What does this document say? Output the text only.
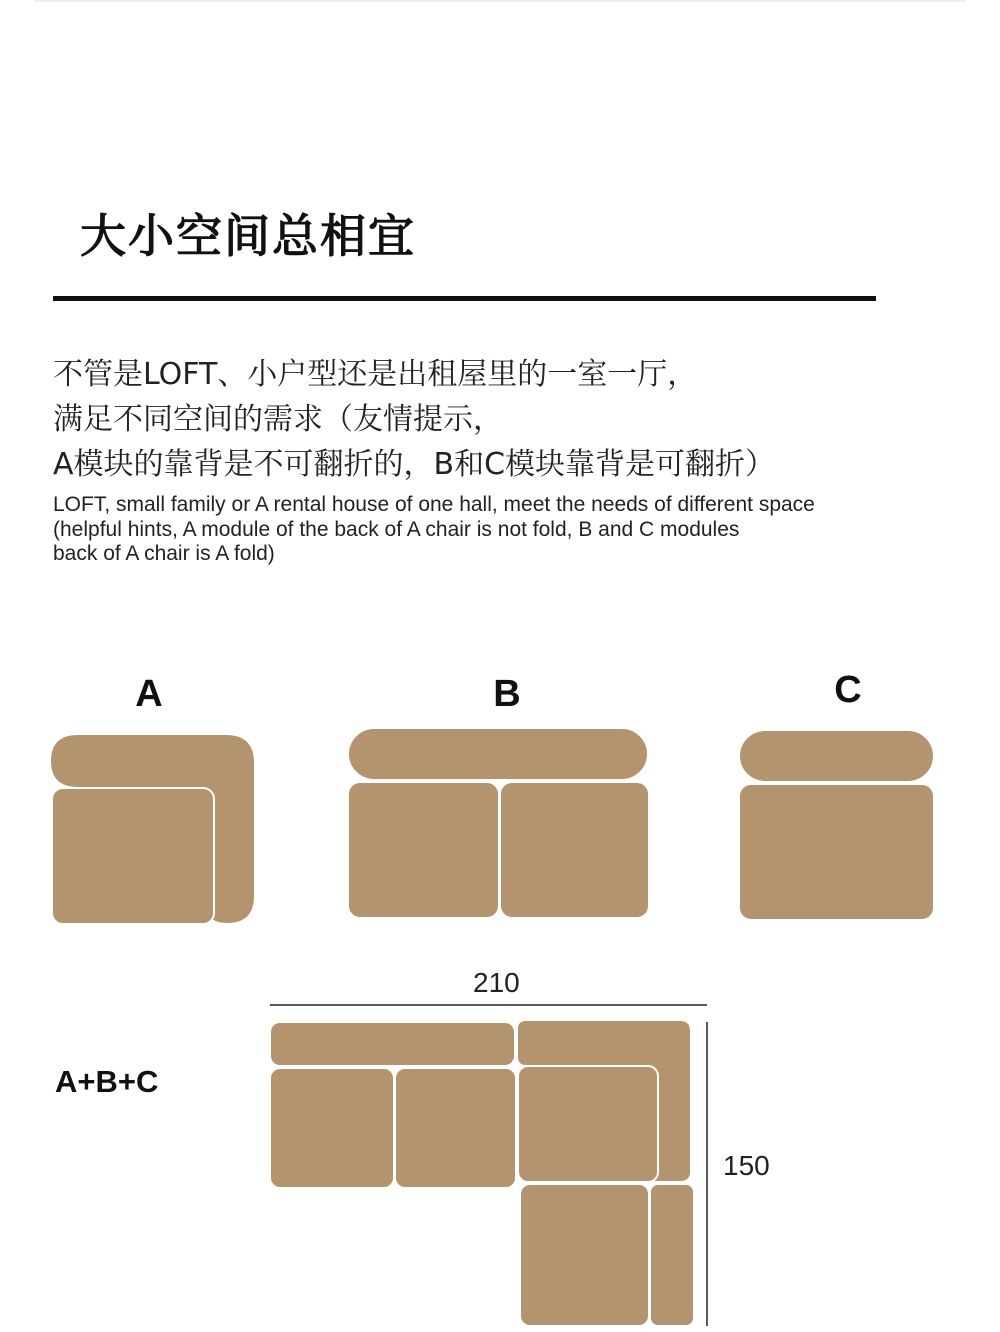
大小空间总相宜
不管是LOFT、小户型还是出租屋里的一室一厅，
满足不同空间的需求（友情提示，
A模块的靠背是不可翻折的，B和C模块靠背是可翻折）
LOFT, small family or A rental house of one hall, meet the needs of different space
(helpful hints, A module of the back of A chair is not fold, B and C modules
back of A chair is A fold)
A	B	C
A+B+C
210
150
